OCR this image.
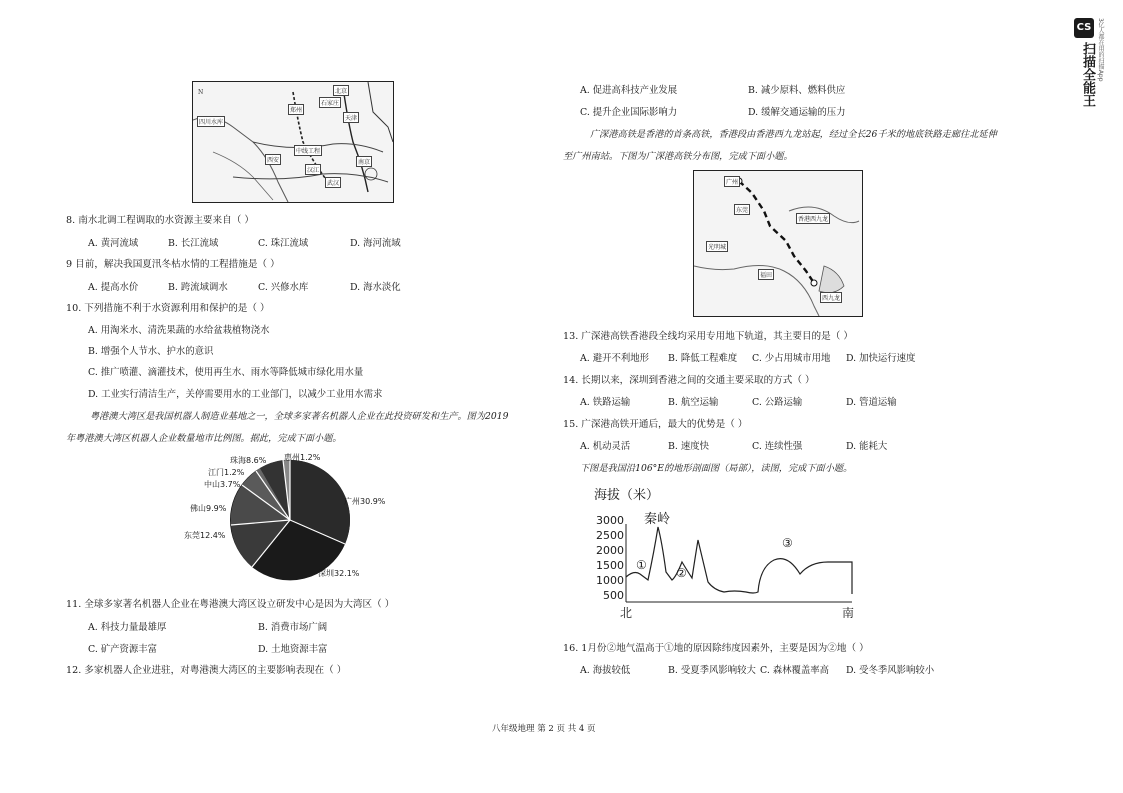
N
四川水库
郑州
石家庄
天津
北京
中线工程
西安
汉江
武汉
南京
8. 南水北调工程调取的水资源主要来自（ ）
A. 黄河流域	B. 长江流域	C. 珠江流域	D. 海河流域
9 目前，解决我国夏汛冬枯水情的工程措施是（ ）
A. 提高水价	B. 跨流域调水	C. 兴修水库	D. 海水淡化
10. 下列措施不利于水资源利用和保护的是（ ）
A. 用淘米水、清洗果蔬的水给盆栽植物浇水
B. 增强个人节水、护水的意识
C. 推广喷灌、滴灌技术，使用再生水、雨水等降低城市绿化用水量
D. 工业实行清洁生产，关停需要用水的工业部门，以减少工业用水需求
粤港澳大湾区是我国机器人制造业基地之一，全球多家著名机器人企业在此投资研发和生产。图为2019
年粤港澳大湾区机器人企业数量地市比例图。据此，完成下面小题。
珠海8.6% 惠州1.2%
江门1.2%
中山3.7%
广州30.9%
佛山9.9%
东莞12.4%
深圳32.1%
11. 全球多家著名机器人企业在粤港澳大湾区设立研发中心是因为大湾区（ ）
A. 科技力量最雄厚	B. 消费市场广阔
C. 矿产资源丰富	D. 土地资源丰富
12. 多家机器人企业进驻，对粤港澳大湾区的主要影响表现在（ ）
A. 促进高科技产业发展	B. 减少原料、燃料供应
C. 提升企业国际影响力	D. 缓解交通运输的压力
广深港高铁是香港的首条高铁，香港段由香港西九龙站起，经过全长26千米的地底铁路走廊往北延伸
至广州南站。下图为广深港高铁分布图，完成下面小题。
广州
东莞
香港西九龙
光明城
福田
西九龙
13. 广深港高铁香港段全线均采用专用地下轨道，其主要目的是（ ）
A. 避开不利地形 B. 降低工程难度 C. 少占用城市用地 D. 加快运行速度
14. 长期以来，深圳到香港之间的交通主要采取的方式（ ）
A. 铁路运输	B. 航空运输	C. 公路运输	D. 管道运输
15. 广深港高铁开通后，最大的优势是（ ）
A. 机动灵活	B. 速度快	C. 连续性强	D. 能耗大
下图是我国沿106°E的地形剖面图（局部），读图，完成下面小题。
海拔（米）
3000
2500
2000
1500
1000
500
秦岭
①
②
③
北	南
16. 1月份②地气温高于①地的原因除纬度因素外，主要是因为②地（ ）
A. 海拔较低	B. 受夏季风影响较大 C. 森林覆盖率高 D. 受冬季风影响较小
八年级地理 第 2 页 共 4 页
CS
扫描全能王 3亿人都在用的扫描App
